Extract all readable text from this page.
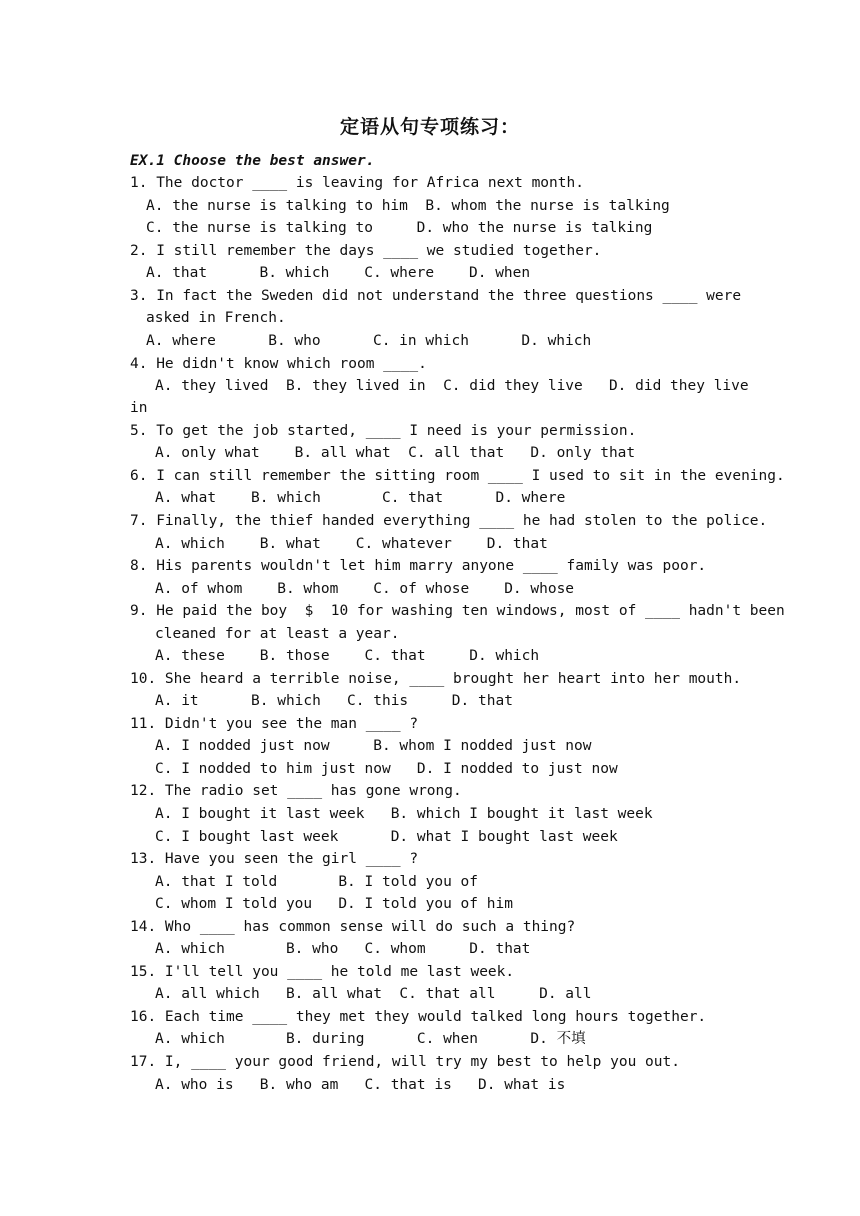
定语从句专项练习：
EX.1 Choose the best answer.
1. The doctor ____ is leaving for Africa next month.
A. the nurse is talking to him  B. whom the nurse is talking
C. the nurse is talking to     D. who the nurse is talking
2. I still remember the days ____ we studied together.
A. that      B. which    C. where    D. when
3. In fact the Sweden did not understand the three questions ____ were
asked in French.
A. where      B. who      C. in which      D. which
4. He didn't know which room ____.
A. they lived  B. they lived in  C. did they live   D. did they live
in
5. To get the job started, ____ I need is your permission.
A. only what    B. all what  C. all that   D. only that
6. I can still remember the sitting room ____ I used to sit in the evening.
A. what    B. which       C. that      D. where
7. Finally, the thief handed everything ____ he had stolen to the police.
A. which    B. what    C. whatever    D. that
8. His parents wouldn't let him marry anyone ____ family was poor.
A. of whom    B. whom    C. of whose    D. whose
9. He paid the boy  $  10 for washing ten windows, most of ____ hadn't been
cleaned for at least a year.
A. these    B. those    C. that     D. which
10. She heard a terrible noise, ____ brought her heart into her mouth.
A. it      B. which   C. this     D. that
11. Didn't you see the man ____ ?
A. I nodded just now     B. whom I nodded just now
C. I nodded to him just now   D. I nodded to just now
12. The radio set ____ has gone wrong.
A. I bought it last week   B. which I bought it last week
C. I bought last week      D. what I bought last week
13. Have you seen the girl ____ ?
A. that I told       B. I told you of
C. whom I told you   D. I told you of him
14. Who ____ has common sense will do such a thing?
A. which       B. who   C. whom     D. that
15. I'll tell you ____ he told me last week.
A. all which   B. all what  C. that all     D. all
16. Each time ____ they met they would talked long hours together.
A. which       B. during      C. when      D. 不填
17. I, ____ your good friend, will try my best to help you out.
A. who is   B. who am   C. that is   D. what is
